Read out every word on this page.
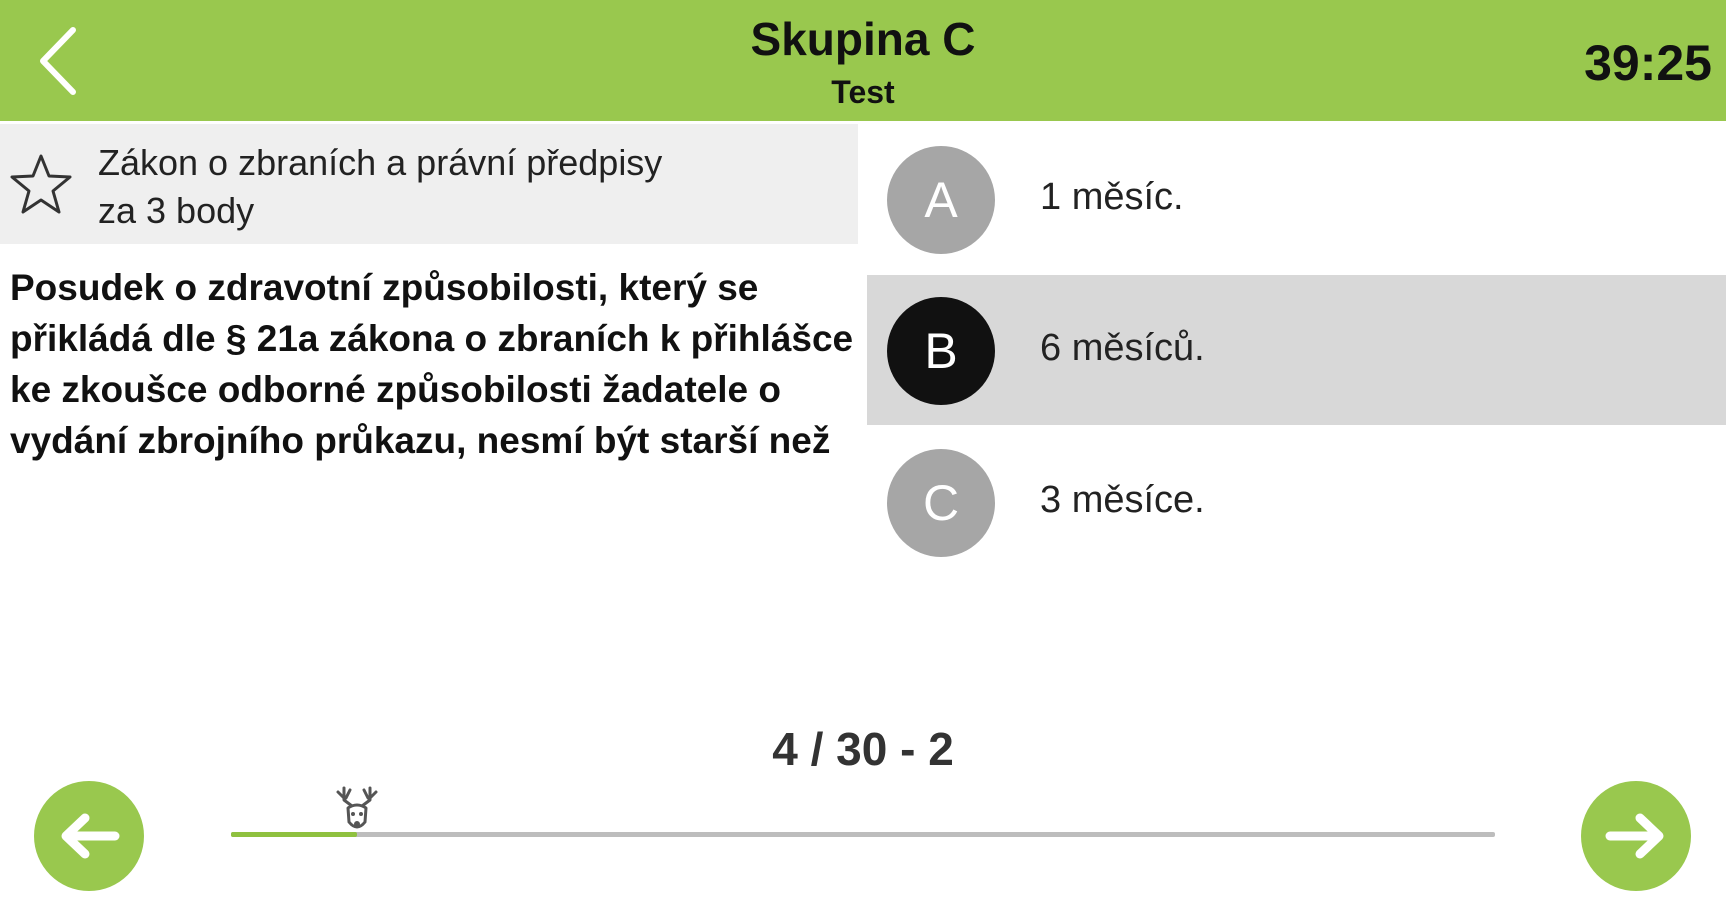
Skupina C
Test
39:25
Zákon o zbraních a právní předpisy
za 3 body
Posudek o zdravotní způsobilosti, který se přikládá dle § 21a zákona o zbraních k přihlášce ke zkoušce odborné způsobilosti žadatele o vydání zbrojního průkazu, nesmí být starší než
A	1 měsíc.
B	6 měsíců.
C	3 měsíce.
4 / 30 - 2
